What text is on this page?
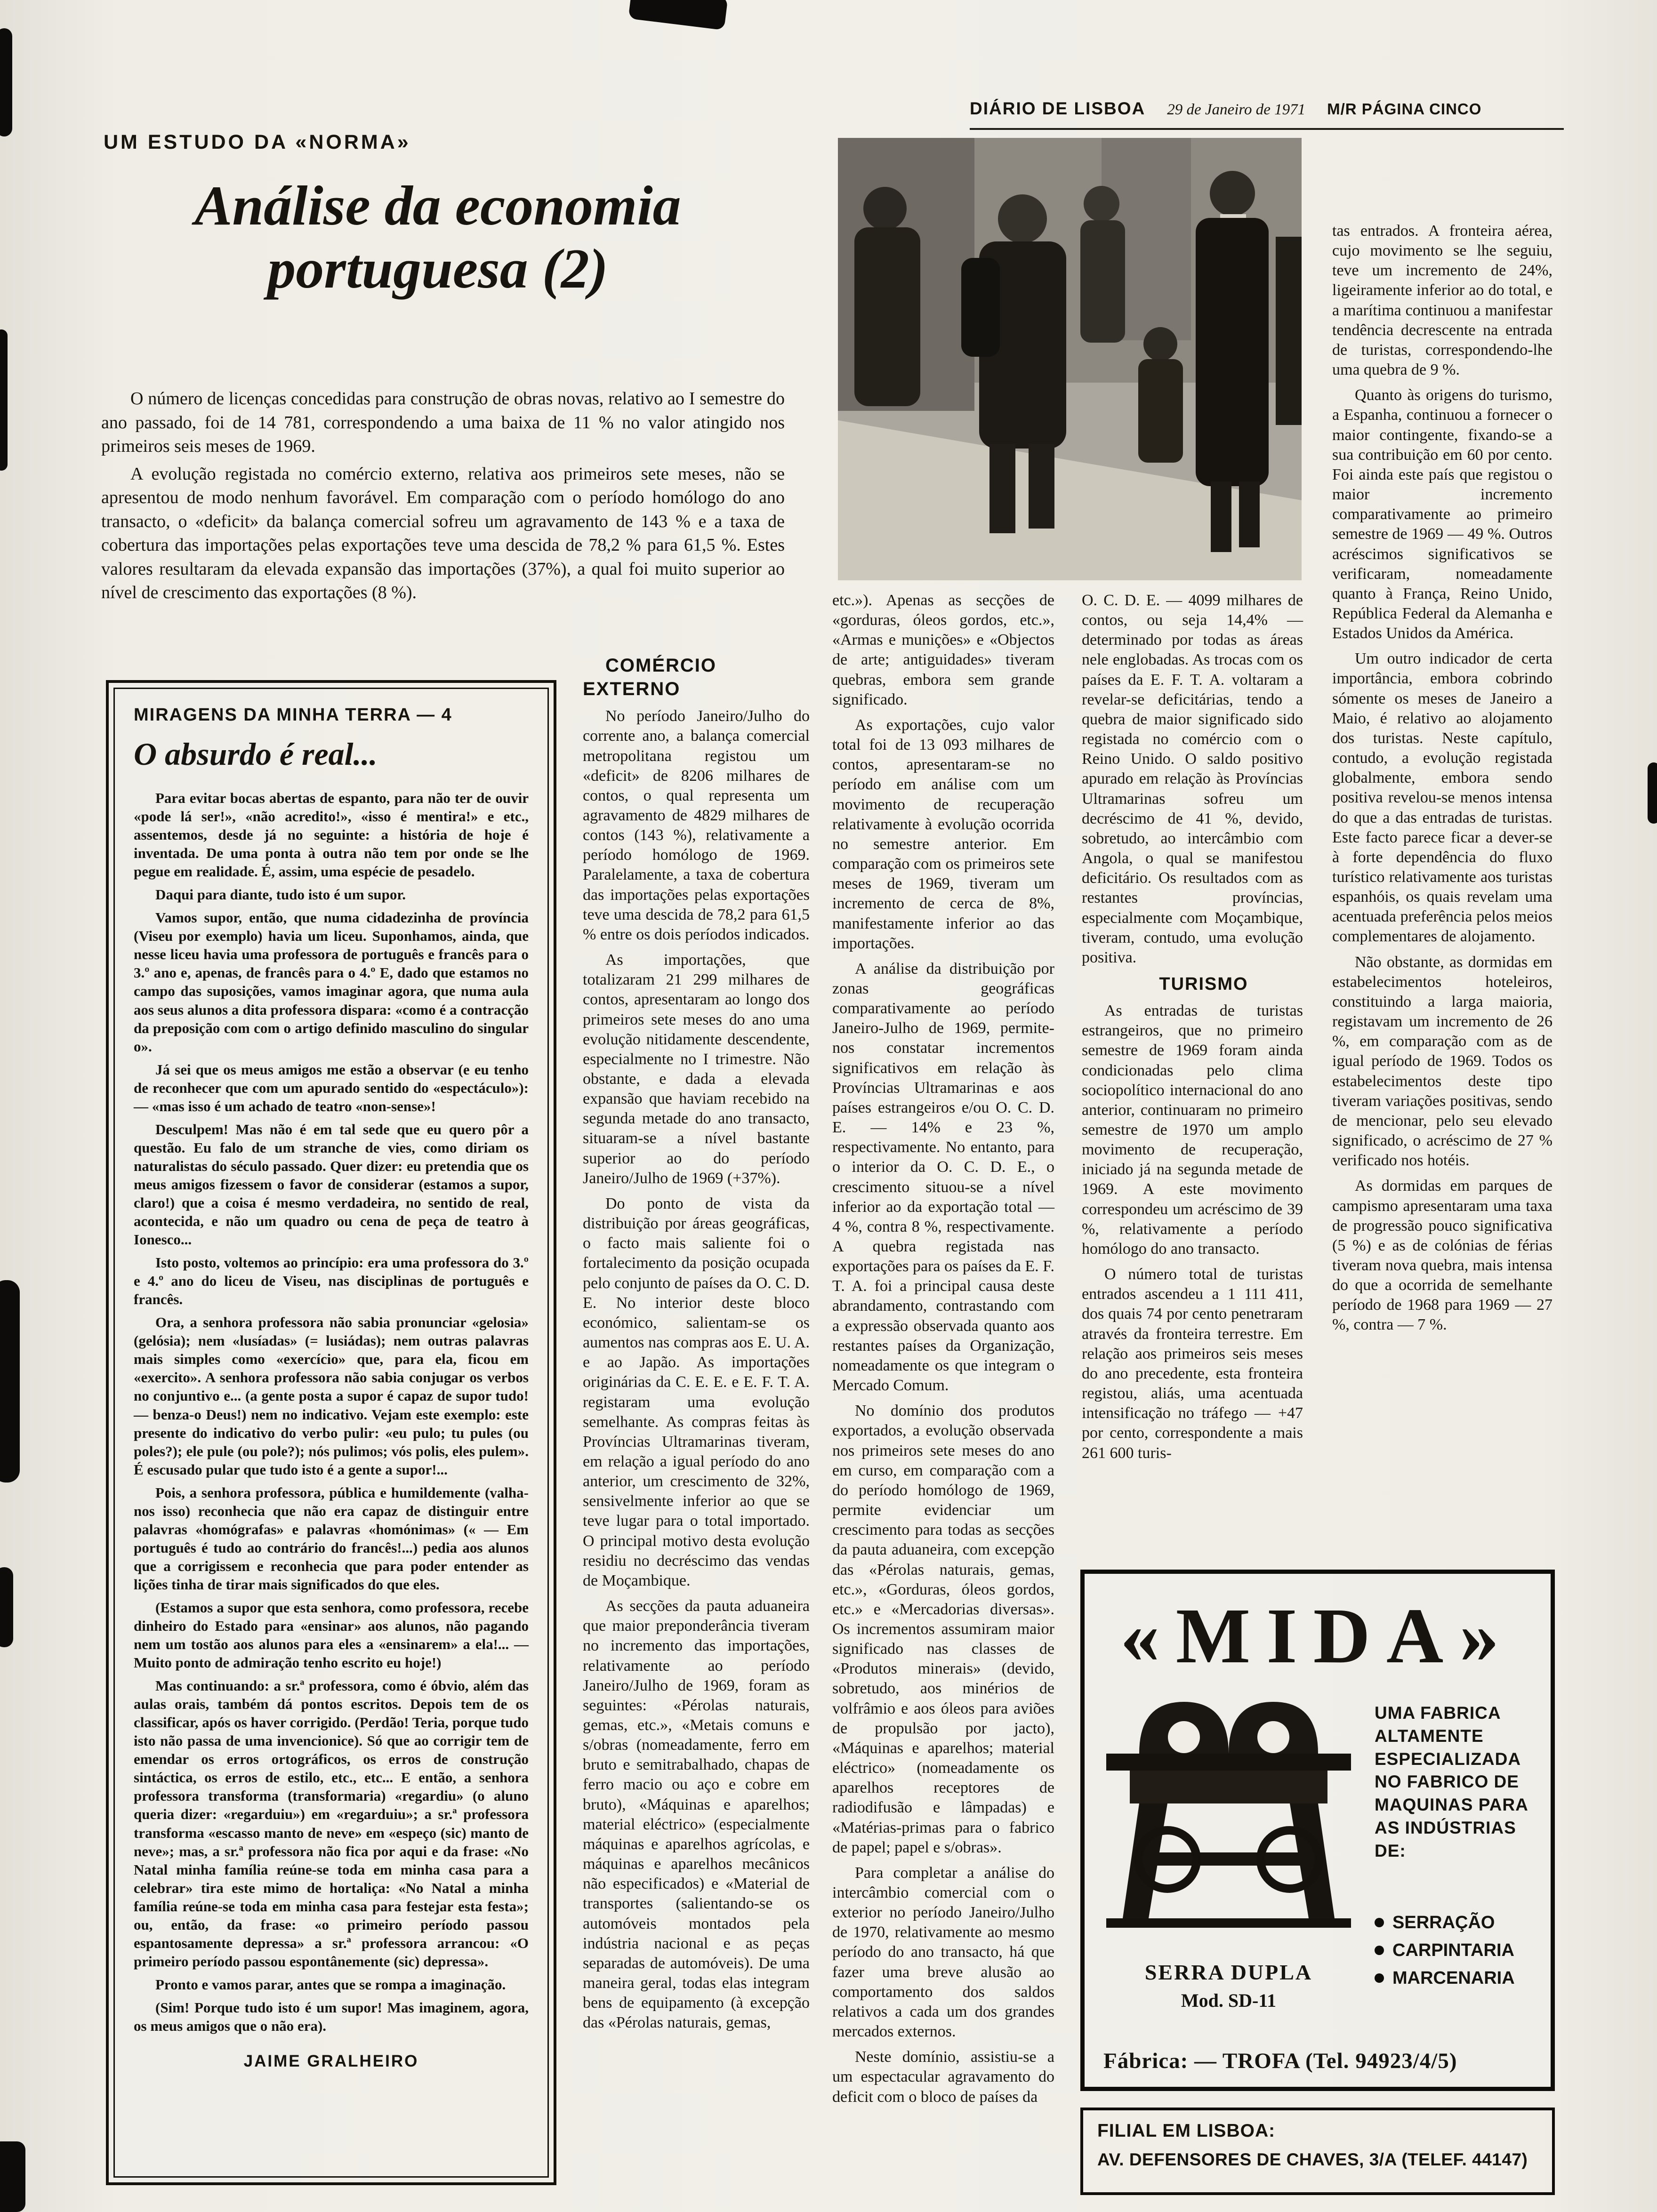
DIÁRIO DE LISBOA 29 de Janeiro de 1971 M/R PÁGINA CINCO
UM ESTUDO DA «NORMA»
Análise da economia
portuguesa (2)

O número de licenças concedidas para construção de obras novas, relativo ao I semestre do ano passado, foi de 14 781, correspondendo a uma baixa de 11 % no valor atingido nos primeiros seis meses de 1969.

A evolução registada no comércio externo, relativa aos primeiros sete meses, não se apresentou de modo nenhum favorável. Em comparação com o período homólogo do ano transacto, o «deficit» da balança comercial sofreu um agravamento de 143 % e a taxa de cobertura das importações pelas exportações teve uma descida de 78,2 % para 61,5 %. Estes valores resultaram da elevada expansão das importações (37%), a qual foi muito superior ao nível de crescimento das exportações (8 %).

COMÉRCIO EXTERNO

No período Janeiro/Julho do corrente ano, a balança comercial metropolitana registou um «deficit» de 8206 milhares de contos, o qual representa um agravamento de 4829 milhares de contos (143 %), relativamente a período homólogo de 1969. Paralelamente, a taxa de cobertura das importações pelas exportações teve uma descida de 78,2 para 61,5 % entre os dois períodos indicados.

As importações, que totalizaram 21 299 milhares de contos, apresentaram ao longo dos primeiros sete meses do ano uma evolução nitidamente descendente, especialmente no I trimestre. Não obstante, e dada a elevada expansão que haviam recebido na segunda metade do ano transacto, situaram-se a nível bastante superior ao do período Janeiro/Julho de 1969 (+37%).

Do ponto de vista da distribuição por áreas geográficas, o facto mais saliente foi o fortalecimento da posição ocupada pelo conjunto de países da O. C. D. E. No interior deste bloco económico, salientam-se os aumentos nas compras aos E. U. A. e ao Japão. As importações originárias da C. E. E. e E. F. T. A. registaram uma evolução semelhante. As compras feitas às Províncias Ultramarinas tiveram, em relação a igual período do ano anterior, um crescimento de 32%, sensivelmente inferior ao que se teve lugar para o total importado. O principal motivo desta evolução residiu no decréscimo das vendas de Moçambique.

As secções da pauta aduaneira que maior preponderância tiveram no incremento das importações, relativamente ao período Janeiro/Julho de 1969, foram as seguintes: «Pérolas naturais, gemas, etc.», «Metais comuns e s/obras (nomeadamente, ferro em bruto e semitrabalhado, chapas de ferro macio ou aço e cobre em bruto), «Máquinas e aparelhos; material eléctrico» (especialmente máquinas e aparelhos agrícolas, e máquinas e aparelhos mecânicos não especificados) e «Material de transportes (salientando-se os automóveis montados pela indústria nacional e as peças separadas de automóveis). De uma maneira geral, todas elas integram bens de equipamento (à excepção das «Pérolas naturais, gemas,

etc.»). Apenas as secções de «gorduras, óleos gordos, etc.», «Armas e munições» e «Objectos de arte; antiguidades» tiveram quebras, embora sem grande significado.

As exportações, cujo valor total foi de 13 093 milhares de contos, apresentaram-se no período em análise com um movimento de recuperação relativamente à evolução ocorrida no semestre anterior. Em comparação com os primeiros sete meses de 1969, tiveram um incremento de cerca de 8%, manifestamente inferior ao das importações.

A análise da distribuição por zonas geográficas comparativamente ao período Janeiro-Julho de 1969, permite-nos constatar incrementos significativos em relação às Províncias Ultramarinas e aos países estrangeiros e/ou O. C. D. E. — 14% e 23 %, respectivamente. No entanto, para o interior da O. C. D. E., o crescimento situou-se a nível inferior ao da exportação total — 4 %, contra 8 %, respectivamente. A quebra registada nas exportações para os países da E. F. T. A. foi a principal causa deste abrandamento, contrastando com a expressão observada quanto aos restantes países da Organização, nomeadamente os que integram o Mercado Comum.

No domínio dos produtos exportados, a evolução observada nos primeiros sete meses do ano em curso, em comparação com a do período homólogo de 1969, permite evidenciar um crescimento para todas as secções da pauta aduaneira, com excepção das «Pérolas naturais, gemas, etc.», «Gorduras, óleos gordos, etc.» e «Mercadorias diversas». Os incrementos assumiram maior significado nas classes de «Produtos minerais» (devido, sobretudo, aos minérios de volfrâmio e aos óleos para aviões de propulsão por jacto), «Máquinas e aparelhos; material eléctrico» (nomeadamente os aparelhos receptores de radiodifusão e lâmpadas) e «Matérias-primas para o fabrico de papel; papel e s/obras».

Para completar a análise do intercâmbio comercial com o exterior no período Janeiro/Julho de 1970, relativamente ao mesmo período do ano transacto, há que fazer uma breve alusão ao comportamento dos saldos relativos a cada um dos grandes mercados externos.

Neste domínio, assistiu-se a um espectacular agravamento do deficit com o bloco de países da

O. C. D. E. — 4099 milhares de contos, ou seja 14,4% — determinado por todas as áreas nele englobadas. As trocas com os países da E. F. T. A. voltaram a revelar-se deficitárias, tendo a quebra de maior significado sido registada no comércio com o Reino Unido. O saldo positivo apurado em relação às Províncias Ultramarinas sofreu um decréscimo de 41 %, devido, sobretudo, ao intercâmbio com Angola, o qual se manifestou deficitário. Os resultados com as restantes províncias, especialmente com Moçambique, tiveram, contudo, uma evolução positiva.

TURISMO

As entradas de turistas estrangeiros, que no primeiro semestre de 1969 foram ainda condicionadas pelo clima sociopolítico internacional do ano anterior, continuaram no primeiro semestre de 1970 um amplo movimento de recuperação, iniciado já na segunda metade de 1969. A este movimento correspondeu um acréscimo de 39 %, relativamente a período homólogo do ano transacto.

O número total de turistas entrados ascendeu a 1 111 411, dos quais 74 por cento penetraram através da fronteira terrestre. Em relação aos primeiros seis meses do ano precedente, esta fronteira registou, aliás, uma acentuada intensificação no tráfego — +47 por cento, correspondente a mais 261 600 turis-

tas entrados. A fronteira aérea, cujo movimento se lhe seguiu, teve um incremento de 24%, ligeiramente inferior ao do total, e a marítima continuou a manifestar tendência decrescente na entrada de turistas, correspondendo-lhe uma quebra de 9 %.

Quanto às origens do turismo, a Espanha, continuou a fornecer o maior contingente, fixando-se a sua contribuição em 60 por cento. Foi ainda este país que registou o maior incremento comparativamente ao primeiro semestre de 1969 — 49 %. Outros acréscimos significativos se verificaram, nomeadamente quanto à França, Reino Unido, República Federal da Alemanha e Estados Unidos da América.

Um outro indicador de certa importância, embora cobrindo sómente os meses de Janeiro a Maio, é relativo ao alojamento dos turistas. Neste capítulo, contudo, a evolução registada globalmente, embora sendo positiva revelou-se menos intensa do que a das entradas de turistas. Este facto parece ficar a dever-se à forte dependência do fluxo turístico relativamente aos turistas espanhóis, os quais revelam uma acentuada preferência pelos meios complementares de alojamento.

Não obstante, as dormidas em estabelecimentos hoteleiros, constituindo a larga maioria, registavam um incremento de 26 %, em comparação com as de igual período de 1969. Todos os estabelecimentos deste tipo tiveram variações positivas, sendo de mencionar, pelo seu elevado significado, o acréscimo de 27 % verificado nos hotéis.

As dormidas em parques de campismo apresentaram uma taxa de progressão pouco significativa (5 %) e as de colónias de férias tiveram nova quebra, mais intensa do que a ocorrida de semelhante período de 1968 para 1969 — 27 %, contra — 7 %.

MIRAGENS DA MINHA TERRA — 4
O absurdo é real...

Para evitar bocas abertas de espanto, para não ter de ouvir «pode lá ser!», «não acredito!», «isso é mentira!» e etc., assentemos, desde já no seguinte: a história de hoje é inventada. De uma ponta à outra não tem por onde se lhe pegue em realidade. É, assim, uma espécie de pesadelo.

Daqui para diante, tudo isto é um supor.

Vamos supor, então, que numa cidadezinha de província (Viseu por exemplo) havia um liceu. Suponhamos, ainda, que nesse liceu havia uma professora de português e francês para o 3.º ano e, apenas, de francês para o 4.º E, dado que estamos no campo das suposições, vamos imaginar agora, que numa aula aos seus alunos a dita professora dispara: «como é a contracção da preposição com com o artigo definido masculino do singular o».

Já sei que os meus amigos me estão a observar (e eu tenho de reconhecer que com um apurado sentido do «espectáculo»): — «mas isso é um achado de teatro «non-sense»!

Desculpem! Mas não é em tal sede que eu quero pôr a questão. Eu falo de um stranche de vies, como diriam os naturalistas do século passado. Quer dizer: eu pretendia que os meus amigos fizessem o favor de considerar (estamos a supor, claro!) que a coisa é mesmo verdadeira, no sentido de real, acontecida, e não um quadro ou cena de peça de teatro à Ionesco...

Isto posto, voltemos ao princípio: era uma professora do 3.º e 4.º ano do liceu de Viseu, nas disciplinas de português e francês.

Ora, a senhora professora não sabia pronunciar «gelosia» (gelósia); nem «lusíadas» (= lusiádas); nem outras palavras mais simples como «exercício» que, para ela, ficou em «exercito». A senhora professora não sabia conjugar os verbos no conjuntivo e... (a gente posta a supor é capaz de supor tudo! — benza-o Deus!) nem no indicativo. Vejam este exemplo: este presente do indicativo do verbo pulir: «eu pulo; tu pules (ou poles?); ele pule (ou pole?); nós pulimos; vós polis, eles pulem». É escusado pular que tudo isto é a gente a supor!...

Pois, a senhora professora, pública e humildemente (valha-nos isso) reconhecia que não era capaz de distinguir entre palavras «homógrafas» e palavras «homónimas» (« — Em português é tudo ao contrário do francês!...) pedia aos alunos que a corrigissem e reconhecia que para poder entender as lições tinha de tirar mais significados do que eles.

(Estamos a supor que esta senhora, como professora, recebe dinheiro do Estado para «ensinar» aos alunos, não pagando nem um tostão aos alunos para eles a «ensinarem» a ela!... — Muito ponto de admiração tenho escrito eu hoje!)

Mas continuando: a sr.ª professora, como é óbvio, além das aulas orais, também dá pontos escritos. Depois tem de os classificar, após os haver corrigido. (Perdão! Teria, porque tudo isto não passa de uma invencionice). Só que ao corrigir tem de emendar os erros ortográficos, os erros de construção sintáctica, os erros de estilo, etc., etc... E então, a senhora professora transforma (transformaria) «regardiu» (o aluno queria dizer: «regarduiu») em «regarduiu»; a sr.ª professora transforma «escasso manto de neve» em «espeço (sic) manto de neve»; mas, a sr.ª professora não fica por aqui e da frase: «No Natal minha família reúne-se toda em minha casa para a celebrar» tira este mimo de hortaliça: «No Natal a minha família reúne-se toda em minha casa para festejar esta festa»; ou, então, da frase: «o primeiro período passou espantosamente depressa» a sr.ª professora arrancou: «O primeiro período passou espontânemente (sic) depressa».

Pronto e vamos parar, antes que se rompa a imaginação.

(Sim! Porque tudo isto é um supor! Mas imaginem, agora, os meus amigos que o não era).

JAIME GRALHEIRO
«MIDA»
UMA FABRICA ALTAMENTE ESPECIALIZADA NO FABRICO DE MAQUINAS PARA AS INDÚSTRIAS DE:
SERRAÇÃO
CARPINTARIA
MARCENARIA
SERRA DUPLA
Mod. SD-11
Fábrica: — TROFA (Tel. 94923/4/5)
FILIAL EM LISBOA:
AV. DEFENSORES DE CHAVES, 3/A (TELEF. 44147)
